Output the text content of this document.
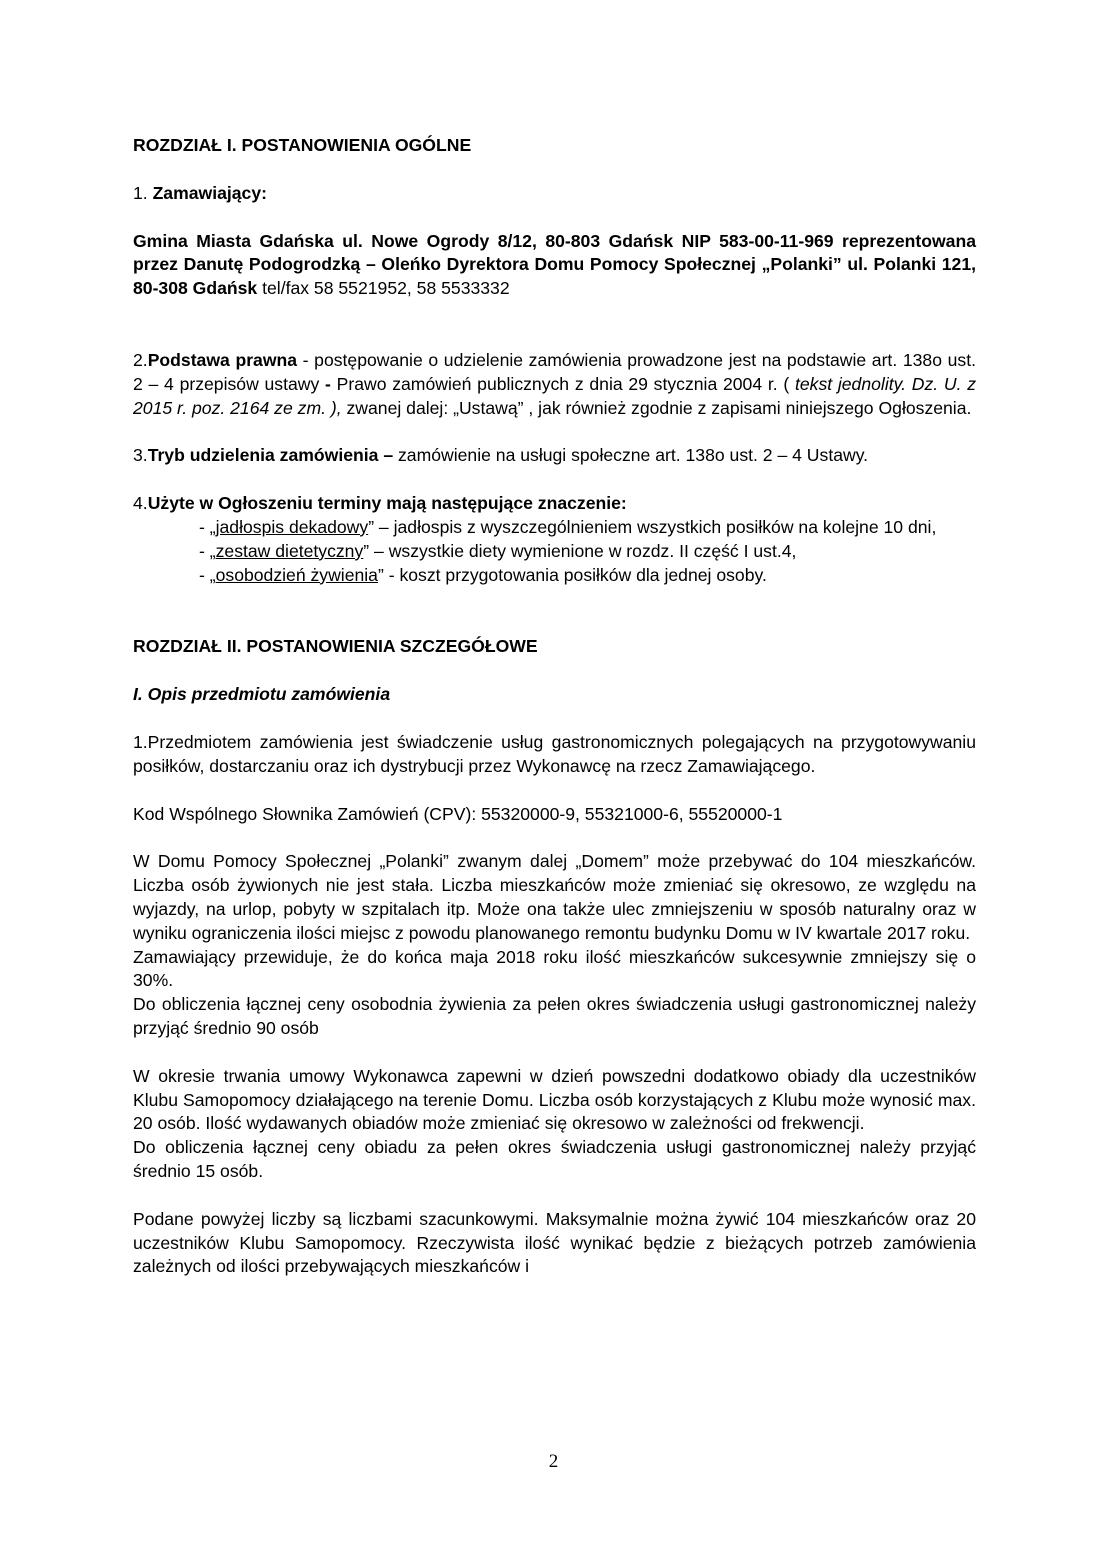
ROZDZIAŁ I. POSTANOWIENIA OGÓLNE

1. Zamawiający:

Gmina Miasta Gdańska ul. Nowe Ogrody 8/12, 80-803 Gdańsk NIP 583-00-11-969 reprezentowana przez Danutę Podogrodzką – Oleńko Dyrektora Domu Pomocy Społecznej „Polanki” ul. Polanki 121, 80-308 Gdańsk tel/fax 58 5521952, 58 5533332

2.Podstawa prawna - postępowanie o udzielenie zamówienia prowadzone jest na podstawie art. 138o ust. 2 – 4 przepisów ustawy - Prawo zamówień publicznych z dnia 29 stycznia 2004 r. ( tekst jednolity. Dz. U. z 2015 r. poz. 2164 ze zm. ), zwanej dalej: „Ustawą” , jak również zgodnie z zapisami niniejszego Ogłoszenia.

3.Tryb udzielenia zamówienia – zamówienie na usługi społeczne art. 138o ust. 2 – 4 Ustawy.

4.Użyte w Ogłoszeniu terminy mają następujące znaczenie:

- „jadłospis dekadowy” – jadłospis z wyszczególnieniem wszystkich posiłków na kolejne 10 dni,

- „zestaw dietetyczny” – wszystkie diety wymienione w rozdz. II część I ust.4,

- „osobodzień żywienia” - koszt przygotowania posiłków dla jednej osoby.

ROZDZIAŁ II. POSTANOWIENIA SZCZEGÓŁOWE

I. Opis przedmiotu zamówienia

1.Przedmiotem zamówienia jest świadczenie usług gastronomicznych polegających na przygotowywaniu posiłków, dostarczaniu oraz ich dystrybucji przez Wykonawcę na rzecz Zamawiającego.

Kod Wspólnego Słownika Zamówień (CPV): 55320000-9, 55321000-6, 55520000-1

W Domu Pomocy Społecznej „Polanki” zwanym dalej „Domem” może przebywać do 104 mieszkańców. Liczba osób żywionych nie jest stała. Liczba mieszkańców może zmieniać się okresowo, ze względu na wyjazdy, na urlop, pobyty w szpitalach itp. Może ona także ulec zmniejszeniu w sposób naturalny oraz w wyniku ograniczenia ilości miejsc z powodu planowanego remontu budynku Domu w IV kwartale 2017 roku.

Zamawiający przewiduje, że do końca maja 2018 roku ilość mieszkańców sukcesywnie zmniejszy się o 30%.

Do obliczenia łącznej ceny osobodnia żywienia za pełen okres świadczenia usługi gastronomicznej należy przyjąć średnio 90 osób

W okresie trwania umowy Wykonawca zapewni w dzień powszedni dodatkowo obiady dla uczestników Klubu Samopomocy działającego na terenie Domu. Liczba osób korzystających z Klubu może wynosić max. 20 osób. Ilość wydawanych obiadów może zmieniać się okresowo w zależności od frekwencji.

Do obliczenia łącznej ceny obiadu za pełen okres świadczenia usługi gastronomicznej należy przyjąć średnio 15 osób.

Podane powyżej liczby są liczbami szacunkowymi. Maksymalnie można żywić 104 mieszkańców oraz 20 uczestników Klubu Samopomocy. Rzeczywista ilość wynikać będzie z bieżących potrzeb zamówienia zależnych od ilości przebywających mieszkańców i

2
